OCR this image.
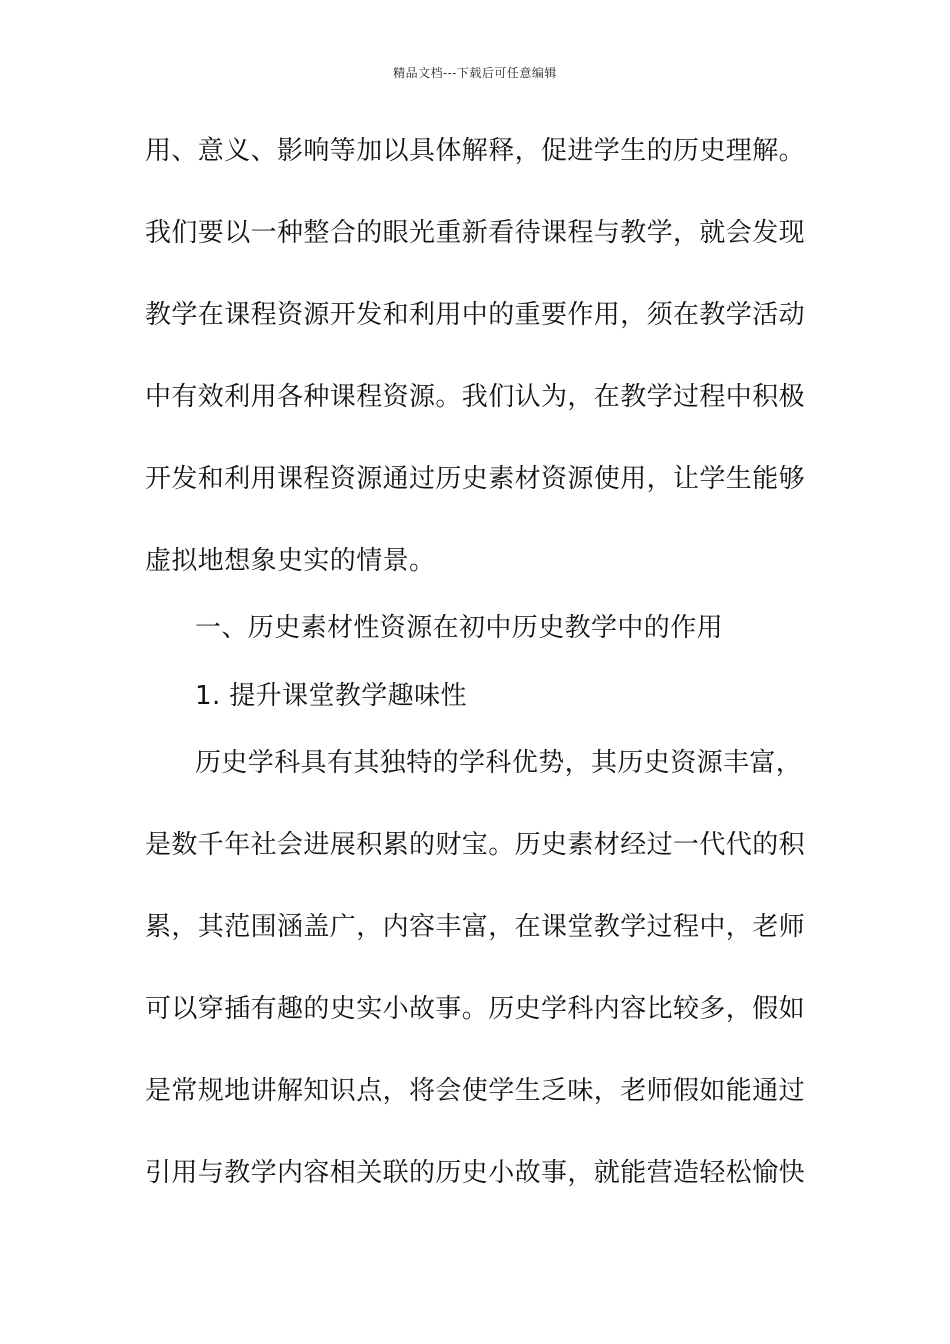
精品文档---下载后可任意编辑
用、意义、影响等加以具体解释，促进学生的历史理解。
我们要以一种整合的眼光重新看待课程与教学，就会发现
教学在课程资源开发和利用中的重要作用，须在教学活动
中有效利用各种课程资源。我们认为，在教学过程中积极
开发和利用课程资源通过历史素材资源使用，让学生能够
虚拟地想象史实的情景。
一、历史素材性资源在初中历史教学中的作用
1. 提升课堂教学趣味性
历史学科具有其独特的学科优势，其历史资源丰富，
是数千年社会进展积累的财宝。历史素材经过一代代的积
累，其范围涵盖广，内容丰富，在课堂教学过程中，老师
可以穿插有趣的史实小故事。历史学科内容比较多，假如
是常规地讲解知识点，将会使学生乏味，老师假如能通过
引用与教学内容相关联的历史小故事，就能营造轻松愉快
